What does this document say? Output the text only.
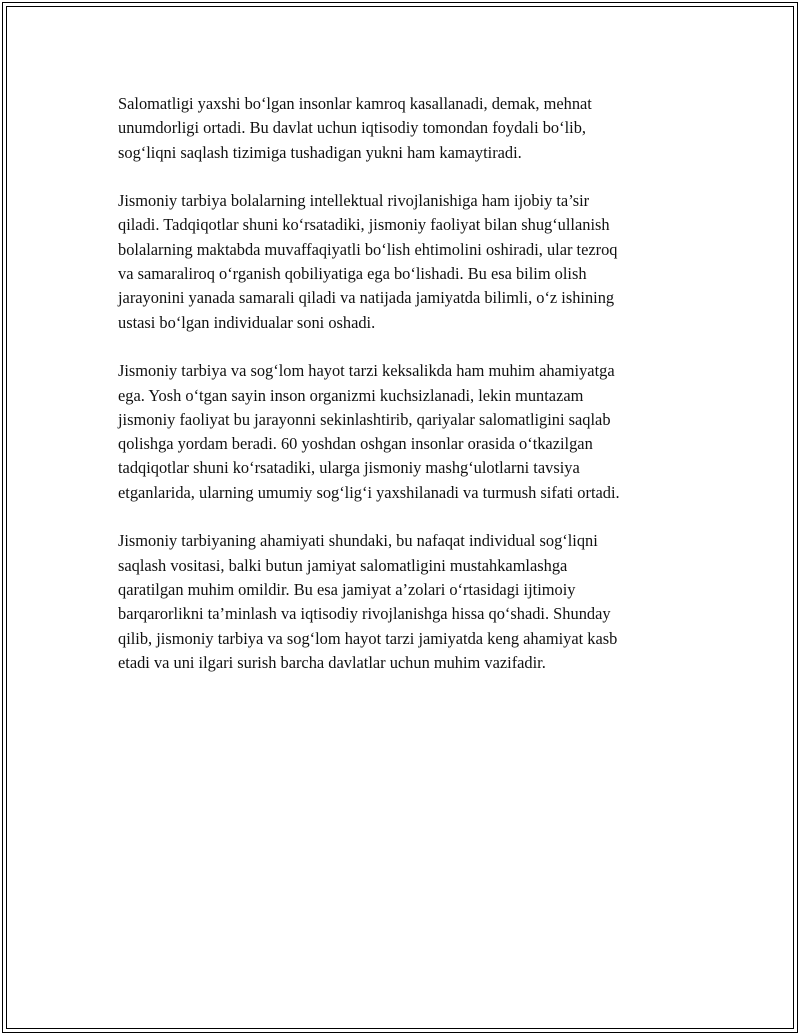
Salomatligi yaxshi bo‘lgan insonlar kamroq kasallanadi, demak, mehnat
unumdorligi ortadi. Bu davlat uchun iqtisodiy tomondan foydali bo‘lib,
sog‘liqni saqlash tizimiga tushadigan yukni ham kamaytiradi.

Jismoniy tarbiya bolalarning intellektual rivojlanishiga ham ijobiy ta’sir
qiladi. Tadqiqotlar shuni ko‘rsatadiki, jismoniy faoliyat bilan shug‘ullanish
bolalarning maktabda muvaffaqiyatli bo‘lish ehtimolini oshiradi, ular tezroq
va samaraliroq o‘rganish qobiliyatiga ega bo‘lishadi. Bu esa bilim olish
jarayonini yanada samarali qiladi va natijada jamiyatda bilimli, o‘z ishining
ustasi bo‘lgan individualar soni oshadi.

Jismoniy tarbiya va sog‘lom hayot tarzi keksalikda ham muhim ahamiyatga
ega. Yosh o‘tgan sayin inson organizmi kuchsizlanadi, lekin muntazam
jismoniy faoliyat bu jarayonni sekinlashtirib, qariyalar salomatligini saqlab
qolishga yordam beradi. 60 yoshdan oshgan insonlar orasida o‘tkazilgan
tadqiqotlar shuni ko‘rsatadiki, ularga jismoniy mashg‘ulotlarni tavsiya
etganlarida, ularning umumiy sog‘lig‘i yaxshilanadi va turmush sifati ortadi.

Jismoniy tarbiyaning ahamiyati shundaki, bu nafaqat individual sog‘liqni
saqlash vositasi, balki butun jamiyat salomatligini mustahkamlashga
qaratilgan muhim omildir. Bu esa jamiyat a’zolari o‘rtasidagi ijtimoiy
barqarorlikni ta’minlash va iqtisodiy rivojlanishga hissa qo‘shadi. Shunday
qilib, jismoniy tarbiya va sog‘lom hayot tarzi jamiyatda keng ahamiyat kasb
etadi va uni ilgari surish barcha davlatlar uchun muhim vazifadir.
